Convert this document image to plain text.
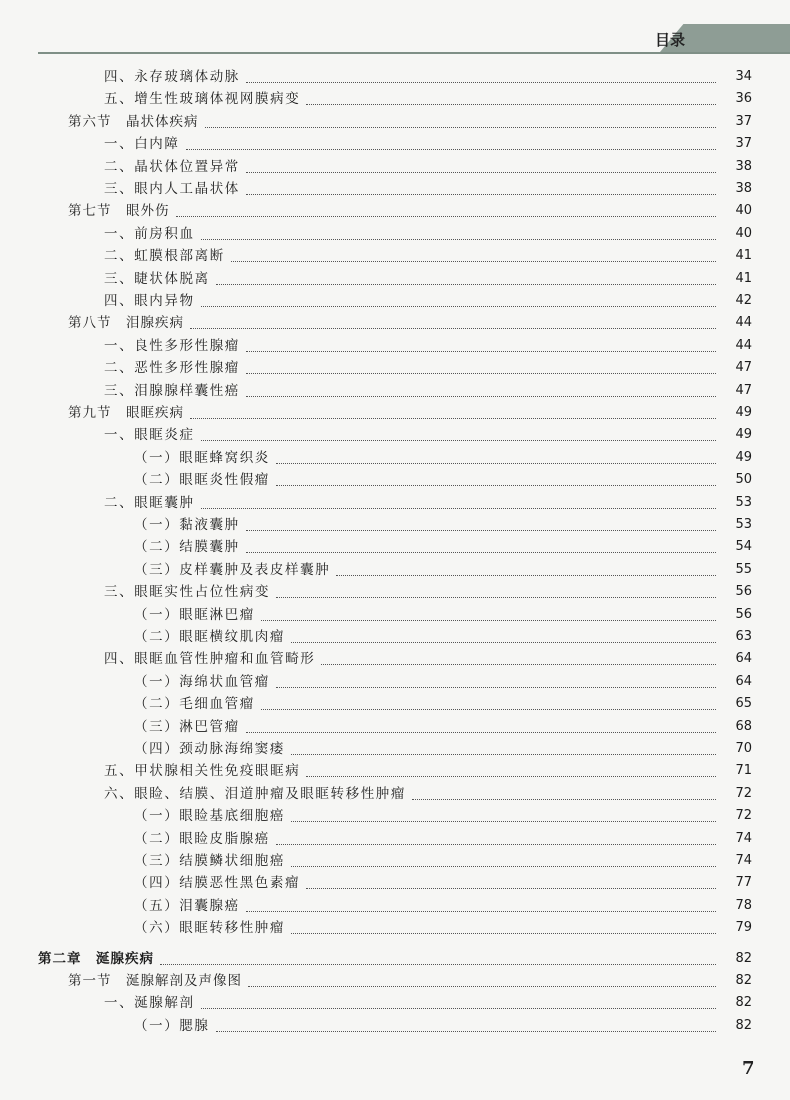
目录
四、永存玻璃体动脉	34
五、增生性玻璃体视网膜病变	36
第六节　晶状体疾病	37
一、白内障	37
二、晶状体位置异常	38
三、眼内人工晶状体	38
第七节　眼外伤	40
一、前房积血	40
二、虹膜根部离断	41
三、睫状体脱离	41
四、眼内异物	42
第八节　泪腺疾病	44
一、良性多形性腺瘤	44
二、恶性多形性腺瘤	47
三、泪腺腺样囊性癌	47
第九节　眼眶疾病	49
一、眼眶炎症	49
（一）眼眶蜂窝织炎	49
（二）眼眶炎性假瘤	50
二、眼眶囊肿	53
（一）黏液囊肿	53
（二）结膜囊肿	54
（三）皮样囊肿及表皮样囊肿	55
三、眼眶实性占位性病变	56
（一）眼眶淋巴瘤	56
（二）眼眶横纹肌肉瘤	63
四、眼眶血管性肿瘤和血管畸形	64
（一）海绵状血管瘤	64
（二）毛细血管瘤	65
（三）淋巴管瘤	68
（四）颈动脉海绵窦瘘	70
五、甲状腺相关性免疫眼眶病	71
六、眼睑、结膜、泪道肿瘤及眼眶转移性肿瘤	72
（一）眼睑基底细胞癌	72
（二）眼睑皮脂腺癌	74
（三）结膜鳞状细胞癌	74
（四）结膜恶性黑色素瘤	77
（五）泪囊腺癌	78
（六）眼眶转移性肿瘤	79
第二章　涎腺疾病	82
第一节　涎腺解剖及声像图	82
一、涎腺解剖	82
（一）腮腺	82
7
